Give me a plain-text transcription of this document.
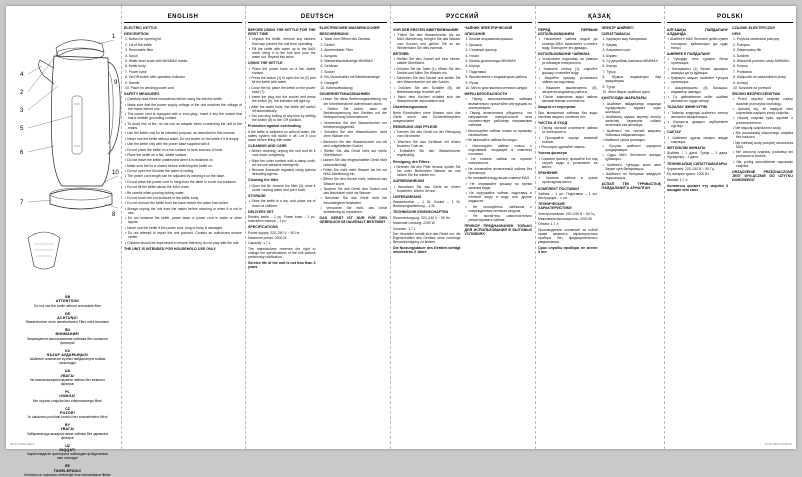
4
2
3
5
6
7
1
9
10
8
GB
ATTENTION!
Do not use the kettle without removable filter
DE
ACHTUNG!
Wasserkocher ohne abnehmbaren Filter nicht benutzen
RU
ВНИМАНИЕ!
Запрещается использование чайника без съемного фильтра!
KZ
НАЗАР АУДАРЫҢЫЗ!
Шәйнекті алынатын сүзгісіз пайдалануға тыйым салынады!
UA
УВАГА!
Не можна використовувати чайник без знімного фільтра!
PL
UWAGA!
Nie używać czajnika bez zdejmowanego filtra!
CZ
POZOR!
Je zakázáno používat konvici bez snímatelného filtru!
BY
УВАГА!
Забараняецца выкарыстанне чайніка без здымнага фільтра!
UZ
DIQQAT!
Ажратиладиган фильтрсиз чойнакдан фойдаланиш ман этилади!
EE
TÄHELEPANU!
Keelatud on kasutada veekeetjat ilma eemaldatava filtrita!
ENGLISH

ELECTRIC KETTLE

DESCRIPTION

1. Button for opening lid

2. Lid of the kettle

3. Removable filter

4. Spout

5. Water-level scale with MIN/MAX marks

6. Kettle body

7. Power base

8. On/Off switch with operation indicator

9. Handle

10. Place for winding power cord

SAFETY MEASURES

• Carefully read these instructions before using the electric kettle.

• Make sure that the power supply voltage of the unit matches the voltage of the mains before use.

• The power cord is equipped with a 'euro-plug'; insert it into the socket that has a reliable grounding contact.

• To avoid risk of fire, do not use an adapter when connecting the unit to the mains.

• Use the kettle only for its intended purpose, as described in this manual.

• Never use the kettle without water. Do not switch on the kettle if it is empty.

• Use the kettle only with the power base supplied with it.

• Do not place the kettle on a hot surface or near sources of heat.

• Place the kettle on a flat, stable surface.

• Do not leave the kettle unattended when it is switched on.

• Make sure the lid is closed before switching the kettle on.

• Do not open the lid while the water is boiling.

• The power cord length can be adjusted by winding it on the base.

• Do not allow the power cord to hang from the table or touch hot surfaces.

• Do not fill the kettle above the MAX mark.

• Be careful when pouring boiling water.

• Do not touch the hot surfaces of the kettle body.

• Do not remove the kettle from the base before the water has boiled.

• Always unplug the unit from the mains before cleaning or when it is not in use.

• Do not immerse the kettle, power base or power cord in water or other liquids.

• Never use the kettle if the power cord, plug or body is damaged.

• Do not attempt to repair the unit yourself. Contact an authorized service center.

• Children should be supervised to ensure that they do not play with the unit.

THE UNIT IS INTENDED FOR HOUSEHOLD USE ONLY

DEUTSCH

BEFORE USING THE KETTLE FOR THE FIRST TIME

• Unpack the kettle, remove any stickers that may prevent the unit from operating.

• Fill the kettle with water up to the MAX mark, bring it to the boil and pour the water out. Repeat this twice.

USING THE KETTLE

• Place the power base on a flat, stable surface.

• Press the button (1) to open the lid (2) and fill the kettle with water.

• Close the lid, place the kettle on the power base (7).

• Insert the plug into the socket and press the switch (8); the indicator will light up.

• After the water boils, the kettle will switch off automatically.

• You can stop boiling at any time by setting the switch (8) to the 'Off' position.

Protection against overheating

If the kettle is switched on without water, the safety system will switch it off. Let it cool down before filling with water.

CLEANING AND CARE

• Before cleaning, unplug the unit and let it cool down completely.

• Wipe the outer surface with a damp cloth; do not use abrasive detergents.

• Remove limescale regularly using special descaling agents.

Cleaning the filter

• Open the lid, remove the filter (3), rinse it under running water and put it back.

STORAGE

• Store the kettle in a dry, cool place out of reach of children.

DELIVERY SET

Electric kettle – 1 pc. Power base – 1 pc. Instruction manual – 1 pc.

SPECIFICATIONS

Power supply: 220–240 V ~ 50 Hz

Maximum power: 2200 W

Capacity: 1.7 L

The manufacturer reserves the right to change the specifications of the unit without preliminary notification.

Service life of the unit is not less than 3 years

ELEKTRISCHER WASSERKOCHER

BESCHREIBUNG

1. Taste zum Öffnen des Deckels

2. Deckel

3. Abnehmbarer Filter

4. Ausguss

5. Wasserstandsanzeige MIN/MAX

6. Gehäuse

7. Sockel

8. Ein-/Ausschalter mit Betriebsanzeige

9. Handgriff

10. Kabelaufwicklung

SICHERHEITSMASSNAHMEN

• Lesen Sie diese Bedienungsanleitung vor der Inbetriebnahme aufmerksam durch.

• Stellen Sie sicher, dass die Betriebsspannung des Gerätes mit der Netzspannung übereinstimmt.

• Verwenden Sie den Wasserkocher nur bestimmungsgemäß.

• Schalten Sie den Wasserkocher nicht ohne Wasser ein.

• Benutzen Sie den Wasserkocher nur mit dem mitgelieferten Sockel.

• Stellen Sie das Gerät nicht auf heiße Oberflächen.

• Lassen Sie das eingeschaltete Gerät nicht unbeaufsichtigt.

• Füllen Sie nicht mehr Wasser als bis zur MAX-Markierung ein.

• Öffnen Sie den Deckel nicht, während das Wasser kocht.

• Tauchen Sie das Gerät, den Sockel und das Netzkabel nicht ins Wasser.

• Benutzen Sie das Gerät nicht bei beschädigtem Netzkabel.

• Versuchen Sie nicht, das Gerät selbständig zu reparieren.

DAS GERÄT IST NUR FÜR DEN GEBRAUCH IM HAUSHALT BESTIMMT

РУССКИЙ

VOR DER ERSTEN INBETRIEBNAHME

• Füllen Sie den Wasserkocher bis zur MAX-Markierung, bringen Sie das Wasser zum Kochen und gießen Sie es ab. Wiederholen Sie dies zweimal.

BETRIEB

• Stellen Sie den Sockel auf eine ebene, stabile Oberfläche.

• Drücken Sie die Taste (1), öffnen Sie den Deckel und füllen Sie Wasser ein.

• Schließen Sie den Deckel und stellen Sie den Wasserkocher auf den Sockel.

• Drücken Sie den Schalter (8), die Betriebsanzeige leuchtet auf.

• Nach dem Kochen schaltet sich der Wasserkocher automatisch aus.

Überhitzungsschutz

Beim Einschalten ohne Wasser wird das Gerät durch das Sicherheitssystem ausgeschaltet.

REINIGUNG UND PFLEGE

• Trennen Sie das Gerät vor der Reinigung vom Stromnetz.

• Wischen Sie das Gehäuse mit einem feuchten Tuch ab.

• Entkalken Sie den Wasserkocher regelmäßig.

Reinigung des Filters

• Nehmen Sie den Filter heraus, spülen Sie ihn unter fließendem Wasser ab und setzen Sie ihn wieder ein.

AUFBEWAHRUNG

• Bewahren Sie das Gerät an einem trockenen, kühlen Ort auf.

LIEFERUMFANG

Wasserkocher – 1 St. Sockel – 1 St. Bedienungsanleitung – 1 St.

TECHNISCHE EIGENSCHAFTEN

Stromversorgung: 220–240 V ~ 50 Hz

Maximale Leistung: 2200 W

Volumen: 1,7 L

Der Hersteller behält sich das Recht vor, die Eigenschaften des Gerätes ohne vorherige Benachrichtigung zu ändern.

Die Nutzungsdauer des Gerätes beträgt mindestens 3 Jahre

ЧАЙНИК ЭЛЕКТРИЧЕСКИЙ

ОПИСАНИЕ

1. Кнопка открывания крышки

2. Крышка

3. Съемный фильтр

4. Носик

5. Шкала уровня воды MIN/MAX

6. Корпус

7. Подставка

8. Выключатель с индикатором работы

9. Ручка

10. Место для намотки сетевого шнура

МЕРЫ БЕЗОПАСНОСТИ

• Перед использованием чайника внимательно прочитайте инструкцию по эксплуатации.

• Перед включением убедитесь, что напряжение электрической сети соответствует рабочему напряжению чайника.

• Используйте чайник только по прямому назначению.

• Не включайте чайник без воды.

• Используйте чайник только с подставкой, входящей в комплект поставки.

• Не ставьте чайник на горячие поверхности.

• Не оставляйте включенный чайник без присмотра.

• Не наливайте воду выше отметки MAX.

• Не открывайте крышку во время кипения воды.

• Не погружайте чайник, подставку и сетевой шнур в воду или другие жидкости.

• Не пользуйтесь чайником с поврежденным сетевым шнуром.

• Не пытайтесь самостоятельно ремонтировать чайник.

ПРИБОР ПРЕДНАЗНАЧЕН ТОЛЬКО ДЛЯ ИСПОЛЬЗОВАНИЯ В БЫТОВЫХ УСЛОВИЯХ

ҚАЗАҚ

ПЕРЕД ПЕРВЫМ ИСПОЛЬЗОВАНИЕМ

• Наполните чайник водой до отметки MAX, вскипятите и слейте воду. Повторите это дважды.

ИСПОЛЬЗОВАНИЕ ЧАЙНИКА

• Установите подставку на ровную устойчивую поверхность.

• Нажмите кнопку (1), откройте крышку и налейте воду.

• Закройте крышку, установите чайник на подставку.

• Нажмите выключатель (8), загорится индикатор работы.

• После закипания воды чайник автоматически отключится.

Защита от перегрева

При включении чайника без воды система защиты отключит его.

ЧИСТКА И УХОД

• Перед чисткой отключите чайник от электросети.

• Протирайте корпус влажной тканью.

• Регулярно удаляйте накипь.

Чистка фильтра

• Снимите фильтр, промойте его под струей воды и установите на место.

ХРАНЕНИЕ

• Храните чайник в сухом прохладном месте.

КОМПЛЕКТ ПОСТАВКИ

Чайник – 1 шт. Подставка – 1 шт. Инструкция – 1 шт.

ТЕХНИЧЕСКИЕ ХАРАКТЕРИСТИКИ

Электропитание: 220–240 В ~ 50 Гц

Максимальная мощность: 2200 Вт

Объем: 1,7 л

Производитель оставляет за собой право изменять характеристики прибора без предварительного уведомления.

Срок службы прибора не менее 3 лет

ЭЛЕКТР ШӘЙНЕГІ

СИПАТТАМАСЫ

1. Қақпақты ашу батырмасы

2. Қақпақ

3. Алынатын сүзгі

4. Шүмек

5. Су деңгейінің шкаласы MIN/MAX

6. Корпус

7. Тұғыр

8. Жұмыс индикаторы бар ажыратқыш

9. Тұтқа

10. Желі бауын орайтын орын

ҚАУІПСІЗДІК ШАРАЛАРЫ

• Шәйнекті пайдаланар алдында нұсқаулықты мұқият оқып шығыңыз.

• Шәйнектің жұмыс кернеуі электр желісінің кернеуіне сәйкес келетініне көз жеткізіңіз.

• Шәйнекті тек тікелей мақсаты бойынша пайдаланыңыз.

• Шәйнекті сусыз қоспаңыз.

• Қосулы шәйнекті қараусыз қалдырмаңыз.

• Суды MAX белгісінен жоғары құймаңыз.

• Шәйнекті, тұғырды және желі бауын суға батырмаңыз.

• Шәйнекті өз бетіңізше жөндеуге тырыспаңыз.

АСПАП ТЕК ТҰРМЫСТЫҚ ПАЙДАЛАНУҒА АРНАЛҒАН

POLSKI

АЛҒАШҚЫ ПАЙДАЛАНУ АЛДЫНДА

• Шәйнекті MAX белгісіне дейін сумен толтырып, қайнатыңыз да суды төгіңіз.

ШӘЙНЕКТІ ПАЙДАЛАНУ

• Тұғырды тегіс тұрақты бетке орнатыңыз.

• Батырманы (1) басып, қақпақты ашыңыз да су құйыңыз.

• Қақпақты жауып, шәйнекті тұғырға орнатыңыз.

• Ажыратқышты (8) басыңыз, индикатор жанады.

• Су қайнағаннан кейін шәйнек автоматты түрде сөнеді.

ТАЗАЛАУ ЖӘНЕ КҮТІМ

• Тазалау алдында шәйнекті электр желісінен ажыратыңыз.

• Корпусты дымқыл шүберекпен сүртіңіз.

САҚТАУ

• Шәйнекті құрғақ салқын жерде сақтаңыз.

ЖЕТКІЗІЛІМ ЖИНАҒЫ

Шәйнек – 1 дана. Тұғыр – 1 дана. Нұсқаулық – 1 дана.

ТЕХНИКАЛЫҚ СИПАТТАМАЛАРЫ

Қоректену: 220–240 В ~ 50 Гц

Ең жоғарғы қуаты: 2200 Вт

Көлемі: 1,7 л

Аспаптың қызмет ету мерзімі 3 жылдан кем емес

CZAJNIK ELEKTRYCZNY

OPIS

1. Przycisk otwierania pokrywy

2. Pokrywa

3. Zdejmowany filtr

4. Dzióbek

5. Wskaźnik poziomu wody MIN/MAX

6. Korpus

7. Podstawa

8. Wyłącznik ze wskaźnikiem pracy

9. Uchwyt

10. Schowek na przewód

ŚRODKI BEZPIECZEŃSTWA

• Przed użyciem czajnika należy uważnie przeczytać instrukcję.

• Upewnij się, że napięcie sieci odpowiada napięciu pracy czajnika.

• Używaj czajnika tylko zgodnie z przeznaczeniem.

• Nie włączaj czajnika bez wody.

• Nie pozostawiaj włączonego czajnika bez nadzoru.

• Nie nalewaj wody powyżej oznaczenia MAX.

• Nie zanurzaj czajnika, podstawy ani przewodu w wodzie.

• Nie próbuj samodzielnie naprawiać czajnika.

URZĄDZENIE PRZEZNACZONE JEST WYŁĄCZNIE DO UŻYTKU DOMOWEGO

IM VT-1191.indd 2	12.02.2010 14:35:31
